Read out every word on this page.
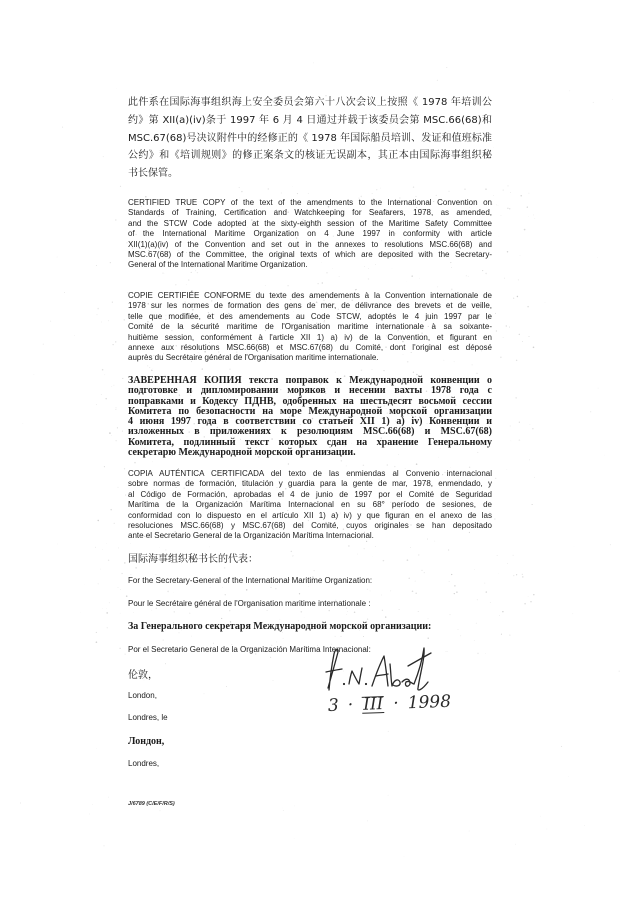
此件系在国际海事组织海上安全委员会第六十八次会议上按照《 1978 年培训公
约》第 XII(a)(iv)条于 1997 年 6 月 4 日通过并载于该委员会第 MSC.66(68)和
MSC.67(68)号决议附件中的经修正的《 1978 年国际船员培训、发证和值班标准
公约》和《培训规则》的修正案条文的核证无误副本，其正本由国际海事组织秘
书长保管。
CERTIFIED TRUE COPY of the text of the amendments to the International Convention on
Standards of Training, Certification and Watchkeeping for Seafarers, 1978, as amended,
and the STCW Code adopted at the sixty-eighth session of the Maritime Safety Committee
of the International Maritime Organization on 4 June 1997 in conformity with article
XII(1)(a)(iv) of the Convention and set out in the annexes to resolutions MSC.66(68) and
MSC.67(68) of the Committee, the original texts of which are deposited with the Secretary-
General of the International Maritime Organization.
COPIE CERTIFIÉE CONFORME du texte des amendements à la Convention internationale de
1978 sur les normes de formation des gens de mer, de délivrance des brevets et de veille,
telle que modifiée, et des amendements au Code STCW, adoptés le 4 juin 1997 par le
Comité de la sécurité maritime de l'Organisation maritime internationale à sa soixante-
huitième session, conformément à l'article XII 1) a) iv) de la Convention, et figurant en
annexe aux résolutions MSC.66(68) et MSC.67(68) du Comité, dont l'original est déposé
auprès du Secrétaire général de l'Organisation maritime internationale.
ЗАВЕРЕННАЯ КОПИЯ текста поправок к Международной конвенции о
подготовке и дипломировании моряков и несении вахты 1978 года с
поправками и Кодексу ПДНВ, одобренных на шестьдесят восьмой сессии
Комитета по безопасности на море Международной морской организации
4 июня 1997 года в соответствии со статьей XII 1) a) iv) Конвенции и
изложенных в приложениях к резолюциям MSC.66(68) и MSC.67(68)
Комитета, подлинный текст которых сдан на хранение Генеральному
секретарю Международной морской организации.
COPIA AUTÉNTICA CERTIFICADA del texto de las enmiendas al Convenio internacional
sobre normas de formación, titulación y guardia para la gente de mar, 1978, enmendado, y
al Código de Formación, aprobadas el 4 de junio de 1997 por el Comité de Seguridad
Marítima de la Organización Marítima Internacional en su 68° período de sesiones, de
conformidad con lo dispuesto en el artículo XII 1) a) iv) y que figuran en el anexo de las
resoluciones MSC.66(68) y MSC.67(68) del Comité, cuyos originales se han depositado
ante el Secretario General de la Organización Marítima Internacional.
国际海事组织秘书长的代表：
For the Secretary-General of the International Maritime Organization:
Pour le Secrétaire général de l'Organisation maritime internationale :
За Генерального секретаря Международной морской организации:
Por el Secretario General de la Organización Marítima Internacional:
伦敦，
London,
Londres, le
Лондон,
Londres,
3 · III · 1998
J/6789 (C/E/F/R/S)
